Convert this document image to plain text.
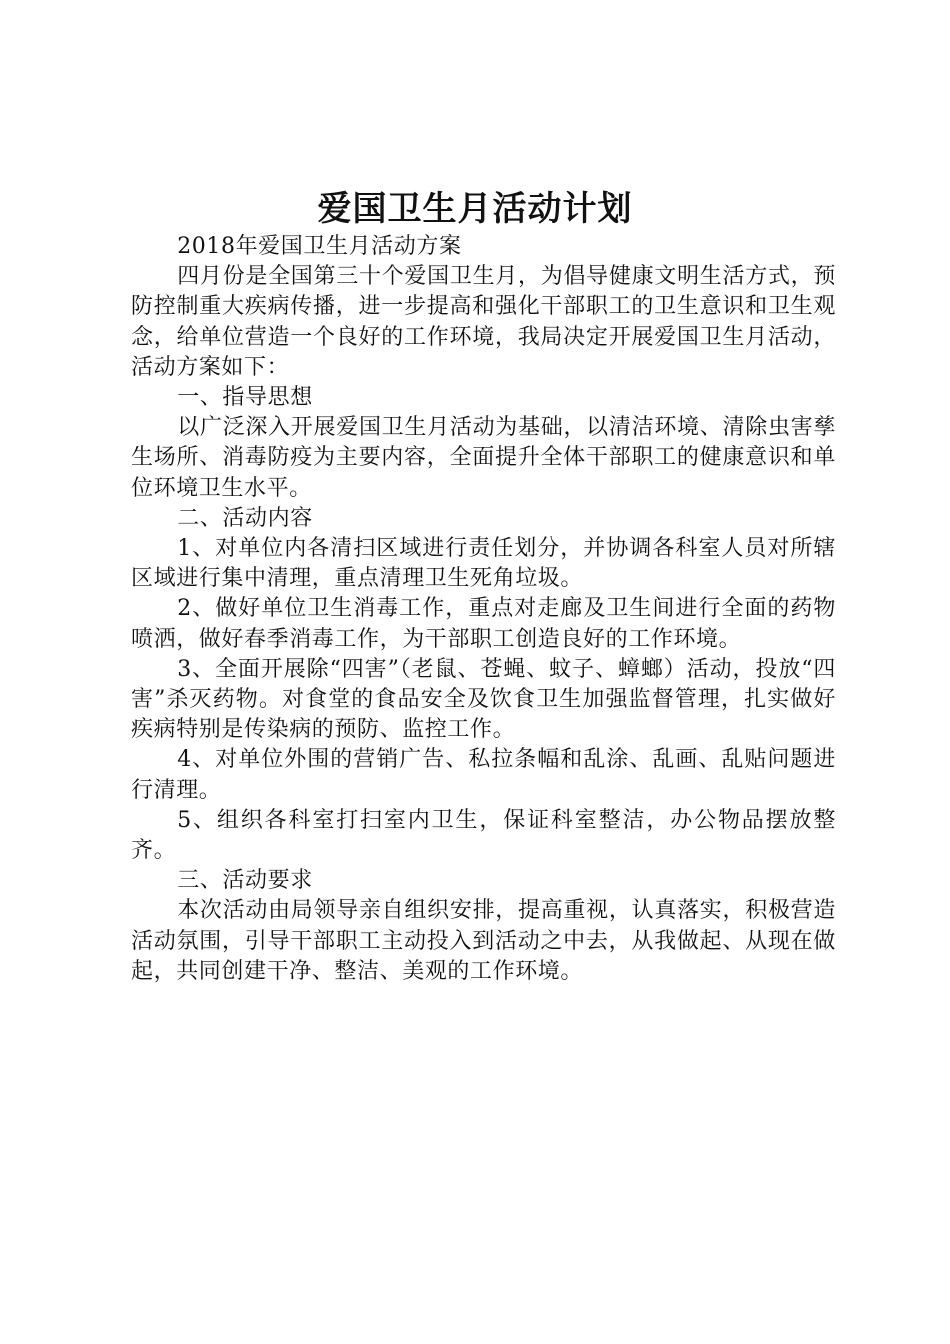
爱国卫生月活动计划

2018年爱国卫生月活动方案

四月份是全国第三十个爱国卫生月，为倡导健康文明生活方式，预防控制重大疾病传播，进一步提高和强化干部职工的卫生意识和卫生观念，给单位营造一个良好的工作环境，我局决定开展爱国卫生月活动，活动方案如下：

一、指导思想

以广泛深入开展爱国卫生月活动为基础，以清洁环境、清除虫害孳生场所、消毒防疫为主要内容，全面提升全体干部职工的健康意识和单位环境卫生水平。

二、活动内容

1、对单位内各清扫区域进行责任划分，并协调各科室人员对所辖区域进行集中清理，重点清理卫生死角垃圾。

2、做好单位卫生消毒工作，重点对走廊及卫生间进行全面的药物喷洒，做好春季消毒工作，为干部职工创造良好的工作环境。

3、全面开展除“四害”（老鼠、苍蝇、蚊子、蟑螂）活动，投放“四害”杀灭药物。对食堂的食品安全及饮食卫生加强监督管理，扎实做好疾病特别是传染病的预防、监控工作。

4、对单位外围的营销广告、私拉条幅和乱涂、乱画、乱贴问题进行清理。

5、组织各科室打扫室内卫生，保证科室整洁，办公物品摆放整齐。

三、活动要求

本次活动由局领导亲自组织安排，提高重视，认真落实，积极营造活动氛围，引导干部职工主动投入到活动之中去，从我做起、从现在做起，共同创建干净、整洁、美观的工作环境。
